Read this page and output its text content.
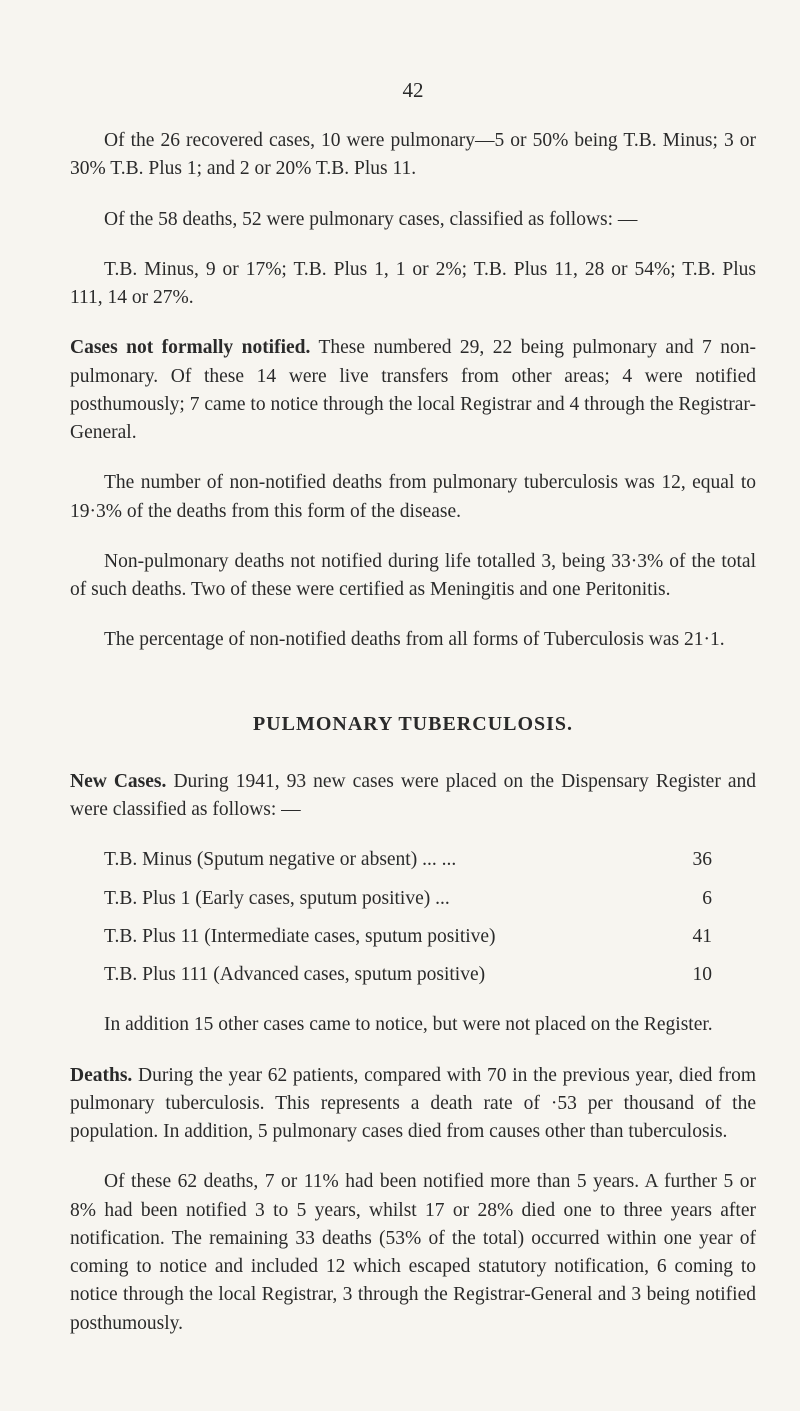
42

Of the 26 recovered cases, 10 were pulmonary—5 or 50% being T.B. Minus; 3 or 30% T.B. Plus 1; and 2 or 20% T.B. Plus 11.

Of the 58 deaths, 52 were pulmonary cases, classified as follows: —

T.B. Minus, 9 or 17%; T.B. Plus 1, 1 or 2%; T.B. Plus 11, 28 or 54%; T.B. Plus 111, 14 or 27%.

Cases not formally notified. These numbered 29, 22 being pulmonary and 7 non-pulmonary. Of these 14 were live transfers from other areas; 4 were notified posthumously; 7 came to notice through the local Registrar and 4 through the Registrar-General.

The number of non-notified deaths from pulmonary tuberculosis was 12, equal to 19·3% of the deaths from this form of the disease.

Non-pulmonary deaths not notified during life totalled 3, being 33·3% of the total of such deaths. Two of these were certified as Meningitis and one Peritonitis.

The percentage of non-notified deaths from all forms of Tuberculosis was 21·1.

PULMONARY TUBERCULOSIS.

New Cases. During 1941, 93 new cases were placed on the Dispensary Register and were classified as follows: —

T.B. Minus (Sputum negative or absent) ... ...	36
T.B. Plus 1 (Early cases, sputum positive) ...	6
T.B. Plus 11 (Intermediate cases, sputum positive)	41
T.B. Plus 111 (Advanced cases, sputum positive)	10

In addition 15 other cases came to notice, but were not placed on the Register.

Deaths. During the year 62 patients, compared with 70 in the previous year, died from pulmonary tuberculosis. This represents a death rate of ·53 per thousand of the population. In addition, 5 pulmonary cases died from causes other than tuberculosis.

Of these 62 deaths, 7 or 11% had been notified more than 5 years. A further 5 or 8% had been notified 3 to 5 years, whilst 17 or 28% died one to three years after notification. The remaining 33 deaths (53% of the total) occurred within one year of coming to notice and included 12 which escaped statutory notification, 6 coming to notice through the local Registrar, 3 through the Registrar-General and 3 being notified posthumously.
